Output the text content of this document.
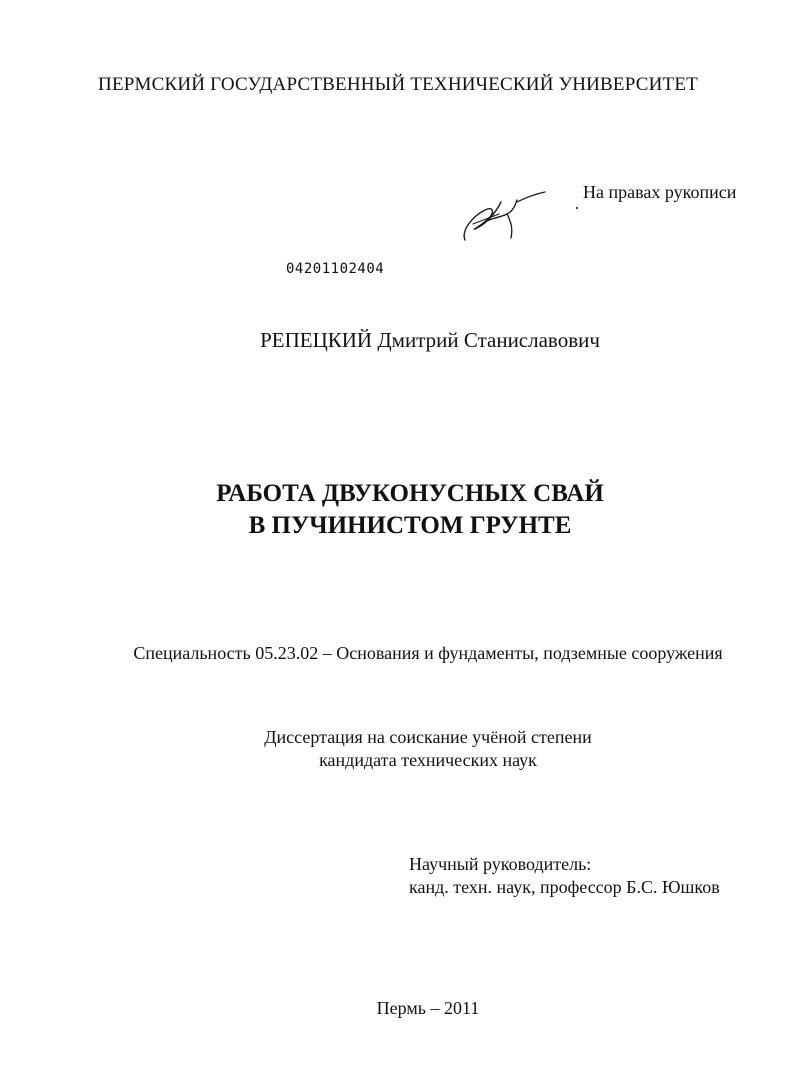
ПЕРМСКИЙ ГОСУДАРСТВЕННЫЙ ТЕХНИЧЕСКИЙ УНИВЕРСИТЕТ
На правах рукописи
04201102404
РЕПЕЦКИЙ Дмитрий Станиславович
РАБОТА ДВУКОНУСНЫХ СВАЙ
В ПУЧИНИСТОМ ГРУНТЕ
Специальность 05.23.02 – Основания и фундаменты, подземные сооружения
Диссертация на соискание учёной степени
кандидата технических наук
Научный руководитель:
канд. техн. наук, профессор Б.С. Юшков
Пермь – 2011
